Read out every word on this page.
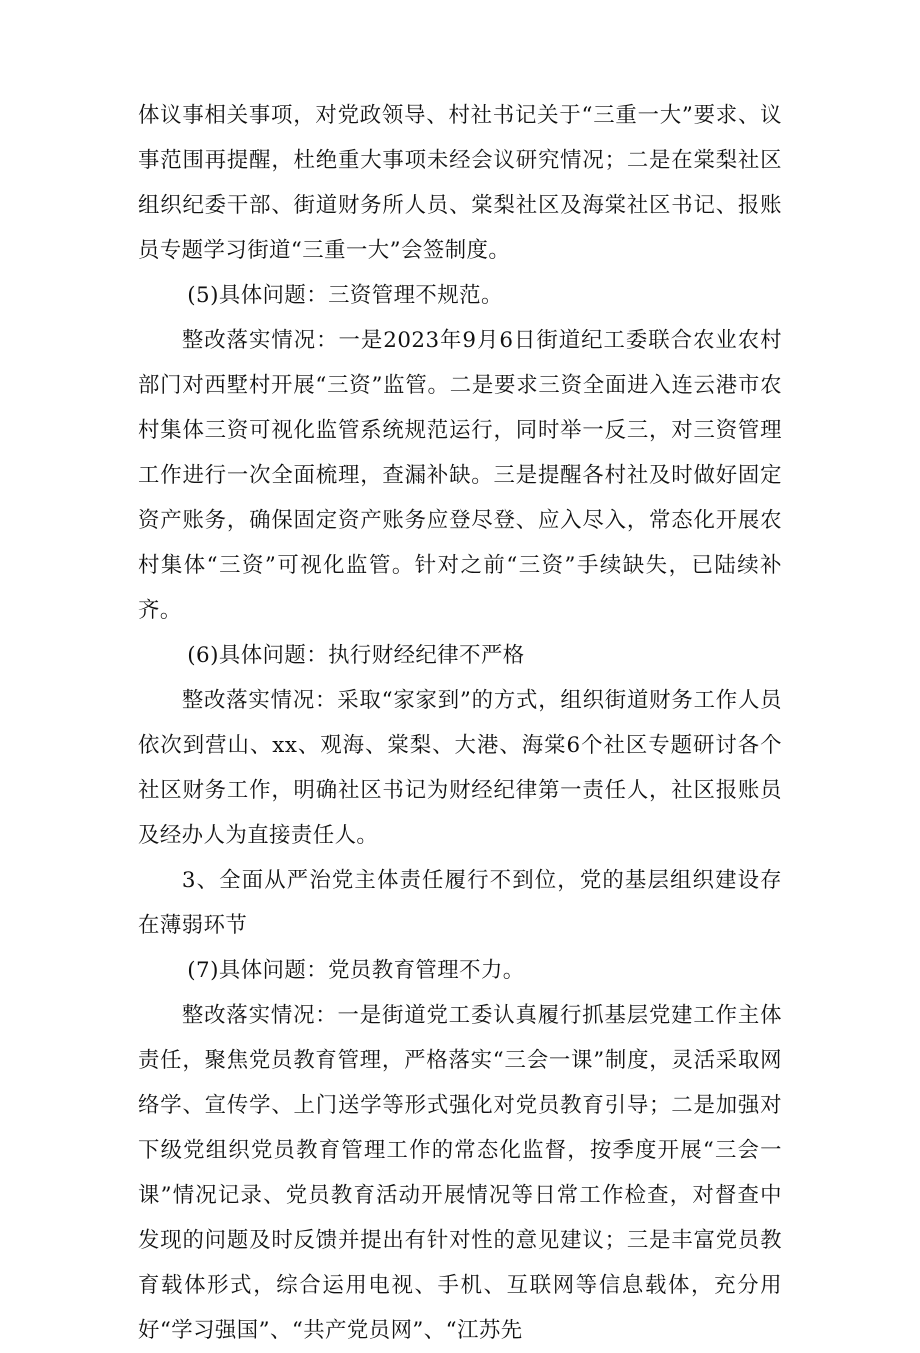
体议事相关事项，对党政领导、村社书记关于“三重一大”要求、议事范围再提醒，杜绝重大事项未经会议研究情况；二是在棠梨社区组织纪委干部、街道财务所人员、棠梨社区及海棠社区书记、报账员专题学习街道“三重一大”会签制度。

(5)具体问题：三资管理不规范。

整改落实情况：一是2023年9月6日街道纪工委联合农业农村部门对西墅村开展“三资”监管。二是要求三资全面进入连云港市农村集体三资可视化监管系统规范运行，同时举一反三，对三资管理工作进行一次全面梳理，查漏补缺。三是提醒各村社及时做好固定资产账务，确保固定资产账务应登尽登、应入尽入，常态化开展农村集体“三资”可视化监管。针对之前“三资”手续缺失，已陆续补齐。

(6)具体问题：执行财经纪律不严格

整改落实情况：采取“家家到”的方式，组织街道财务工作人员依次到营山、xx、观海、棠梨、大港、海棠6个社区专题研讨各个社区财务工作，明确社区书记为财经纪律第一责任人，社区报账员及经办人为直接责任人。

3、全面从严治党主体责任履行不到位，党的基层组织建设存在薄弱环节

(7)具体问题：党员教育管理不力。

整改落实情况：一是街道党工委认真履行抓基层党建工作主体责任，聚焦党员教育管理，严格落实“三会一课”制度，灵活采取网络学、宣传学、上门送学等形式强化对党员教育引导；二是加强对下级党组织党员教育管理工作的常态化监督，按季度开展“三会一课”情况记录、党员教育活动开展情况等日常工作检查，对督查中发现的问题及时反馈并提出有针对性的意见建议；三是丰富党员教育载体形式，综合运用电视、手机、互联网等信息载体，充分用好“学习强国”、“共产党员网”、“江苏先
